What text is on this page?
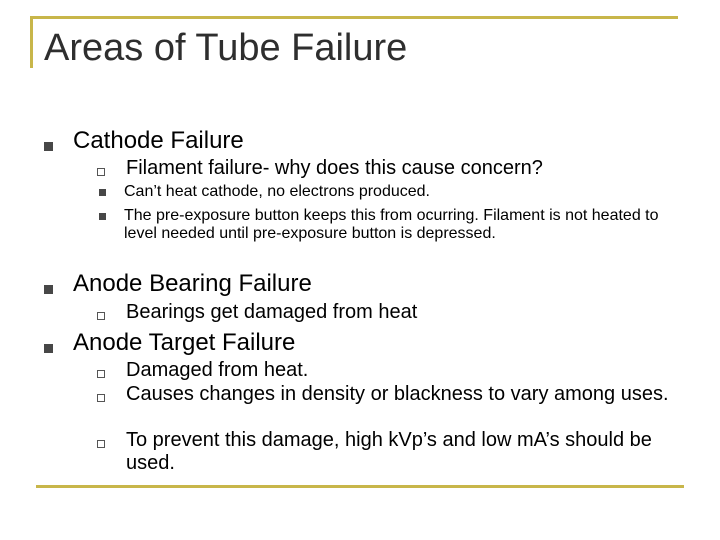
Areas of Tube Failure
Cathode Failure
Filament failure- why does this cause concern?
Can’t heat cathode, no electrons produced.
The pre-exposure button keeps this from ocurring. Filament is not heated to level needed until pre-exposure button is depressed.
Anode Bearing Failure
Bearings get damaged from heat
Anode Target Failure
Damaged from heat.
Causes changes in density or blackness to vary among uses.
To prevent this damage, high kVp’s and low mA’s should be used.
